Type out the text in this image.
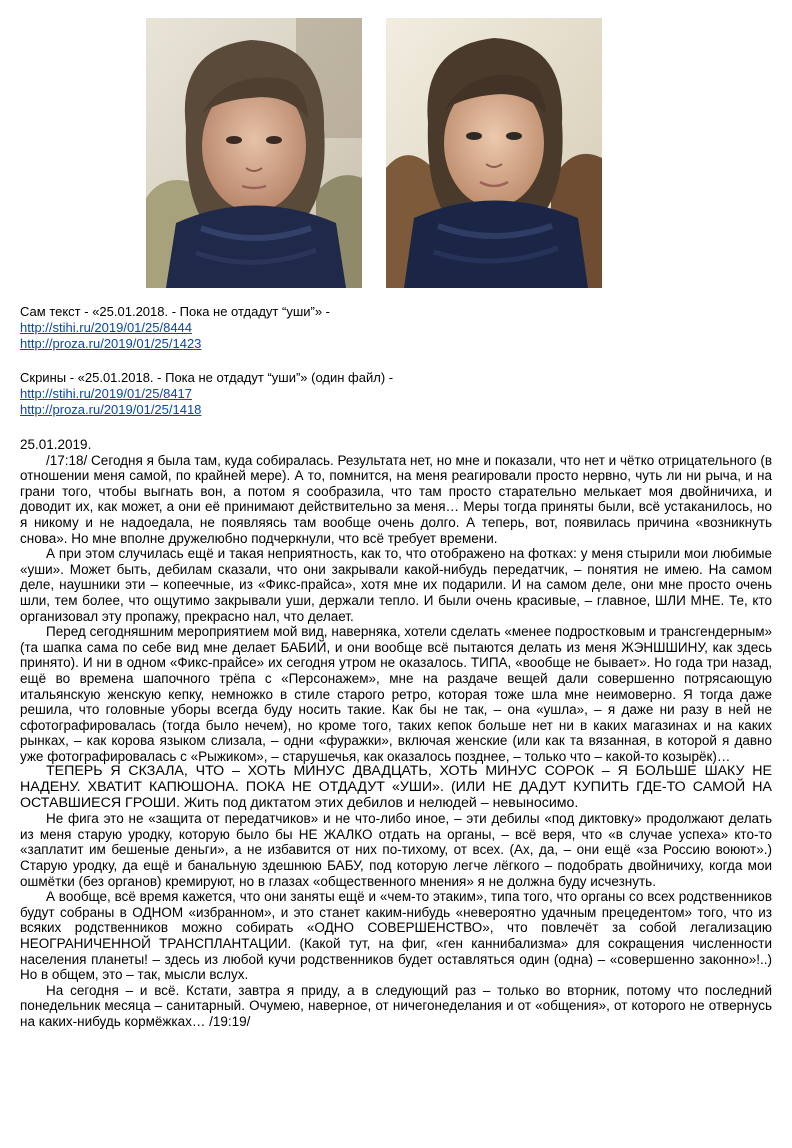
Сам текст - «25.01.2018. - Пока не отдадут “уши”» -

http://stihi.ru/2019/01/25/8444

http://proza.ru/2019/01/25/1423

Скрины - «25.01.2018. - Пока не отдадут “уши”» (один файл) -

http://stihi.ru/2019/01/25/8417

http://proza.ru/2019/01/25/1418

25.01.2019.

/17:18/ Сегодня я была там, куда собиралась. Результата нет, но мне и показали, что нет и чётко отрицательного (в отношении меня самой, по крайней мере). А то, помнится, на меня реагировали просто нервно, чуть ли ни рыча, и на грани того, чтобы выгнать вон, а потом я сообразила, что там просто старательно мелькает моя двойничиха, и доводит их, как может, а они её принимают действительно за меня… Меры тогда приняты были, всё устаканилось, но я никому и не надоедала, не появляясь там вообще очень долго. А теперь, вот, появилась причина «возникнуть снова». Но мне вполне дружелюбно подчеркнули, что всё требует времени.

А при этом случилась ещё и такая неприятность, как то, что отображено на фотках: у меня стырили мои любимые «уши». Может быть, дебилам сказали, что они закрывали какой-нибудь передатчик, – понятия не имею. На самом деле, наушники эти – копеечные, из «Фикс-прайса», хотя мне их подарили. И на самом деле, они мне просто очень шли, тем более, что ощутимо закрывали уши, держали тепло. И были очень красивые, – главное, ШЛИ МНЕ. Те, кто организовал эту пропажу, прекрасно нал, что делает.

Перед сегодняшним мероприятием мой вид, наверняка, хотели сделать «менее подростковым и трансгендерным» (та шапка сама по себе вид мне делает БАБИЙ, и они вообще всё пытаются делать из меня ЖЭНШШИНУ, как здесь принято). И ни в одном «Фикс-прайсе» их сегодня утром не оказалось. ТИПА, «вообще не бывает». Но года три назад, ещё во времена шапочного трёпа с «Персонажем», мне на раздаче вещей дали совершенно потрясающую итальянскую женскую кепку, немножко в стиле старого ретро, которая тоже шла мне неимоверно. Я тогда даже решила, что головные уборы всегда буду носить такие. Как бы не так, – она «ушла», – я даже ни разу в ней не сфотографировалась (тогда было нечем), но кроме того, таких кепок больше нет ни в каких магазинах и на каких рынках, – как корова языком слизала, – одни «фуражки», включая женские (или как та вязанная, в которой я давно уже фотографировалась с «Рыжиком», – старушечья, как оказалось позднее, – только что – какой-то козырёк)…

ТЕПЕРЬ Я СКЗАЛА, ЧТО – ХОТЬ МИНУС ДВАДЦАТЬ, ХОТЬ МИНУС СОРОК – Я БОЛЬШЕ ШАКУ НЕ НАДЕНУ. ХВАТИТ КАПЮШОНА. ПОКА НЕ ОТДАДУТ «УШИ». (ИЛИ НЕ ДАДУТ КУПИТЬ ГДЕ-ТО САМОЙ НА ОСТАВШИЕСЯ ГРОШИ. Жить под диктатом этих дебилов и нелюдей – невыносимо.

Не фига это не «защита от передатчиков» и не что-либо иное, – эти дебилы «под диктовку» продолжают делать из меня старую уродку, которую было бы НЕ ЖАЛКО отдать на органы, – всё веря, что «в случае успеха» кто-то «заплатит им бешеные деньги», а не избавится от них по-тихому, от всех. (Ах, да, – они ещё «за Россию воюют».) Старую уродку, да ещё и банальную здешнюю БАБУ, под которую легче лёгкого – подобрать двойничиху, когда мои ошмётки (без органов) кремируют, но в глазах «общественного мнения» я не должна буду исчезнуть.

А вообще, всё время кажется, что они заняты ещё и «чем-то этаким», типа того, что органы со всех родственников будут собраны в ОДНОМ «избранном», и это станет каким-нибудь «невероятно удачным прецедентом» того, что из всяких родственников можно собирать «ОДНО СОВЕРШЕНСТВО», что повлечёт за собой легализацию НЕОГРАНИЧЕННОЙ ТРАНСПЛАНТАЦИИ. (Какой тут, на фиг, «ген каннибализма» для сокращения численности населения планеты! – здесь из любой кучи родственников будет оставляться один (одна) – «совершенно законно»!..) Но в общем, это – так, мысли вслух.

На сегодня – и всё. Кстати, завтра я приду, а в следующий раз – только во вторник, потому что последний понедельник месяца – санитарный. Очумею, наверное, от ничегонеделания и от «общения», от которого не отвернусь на каких-нибудь кормёжках… /19:19/
